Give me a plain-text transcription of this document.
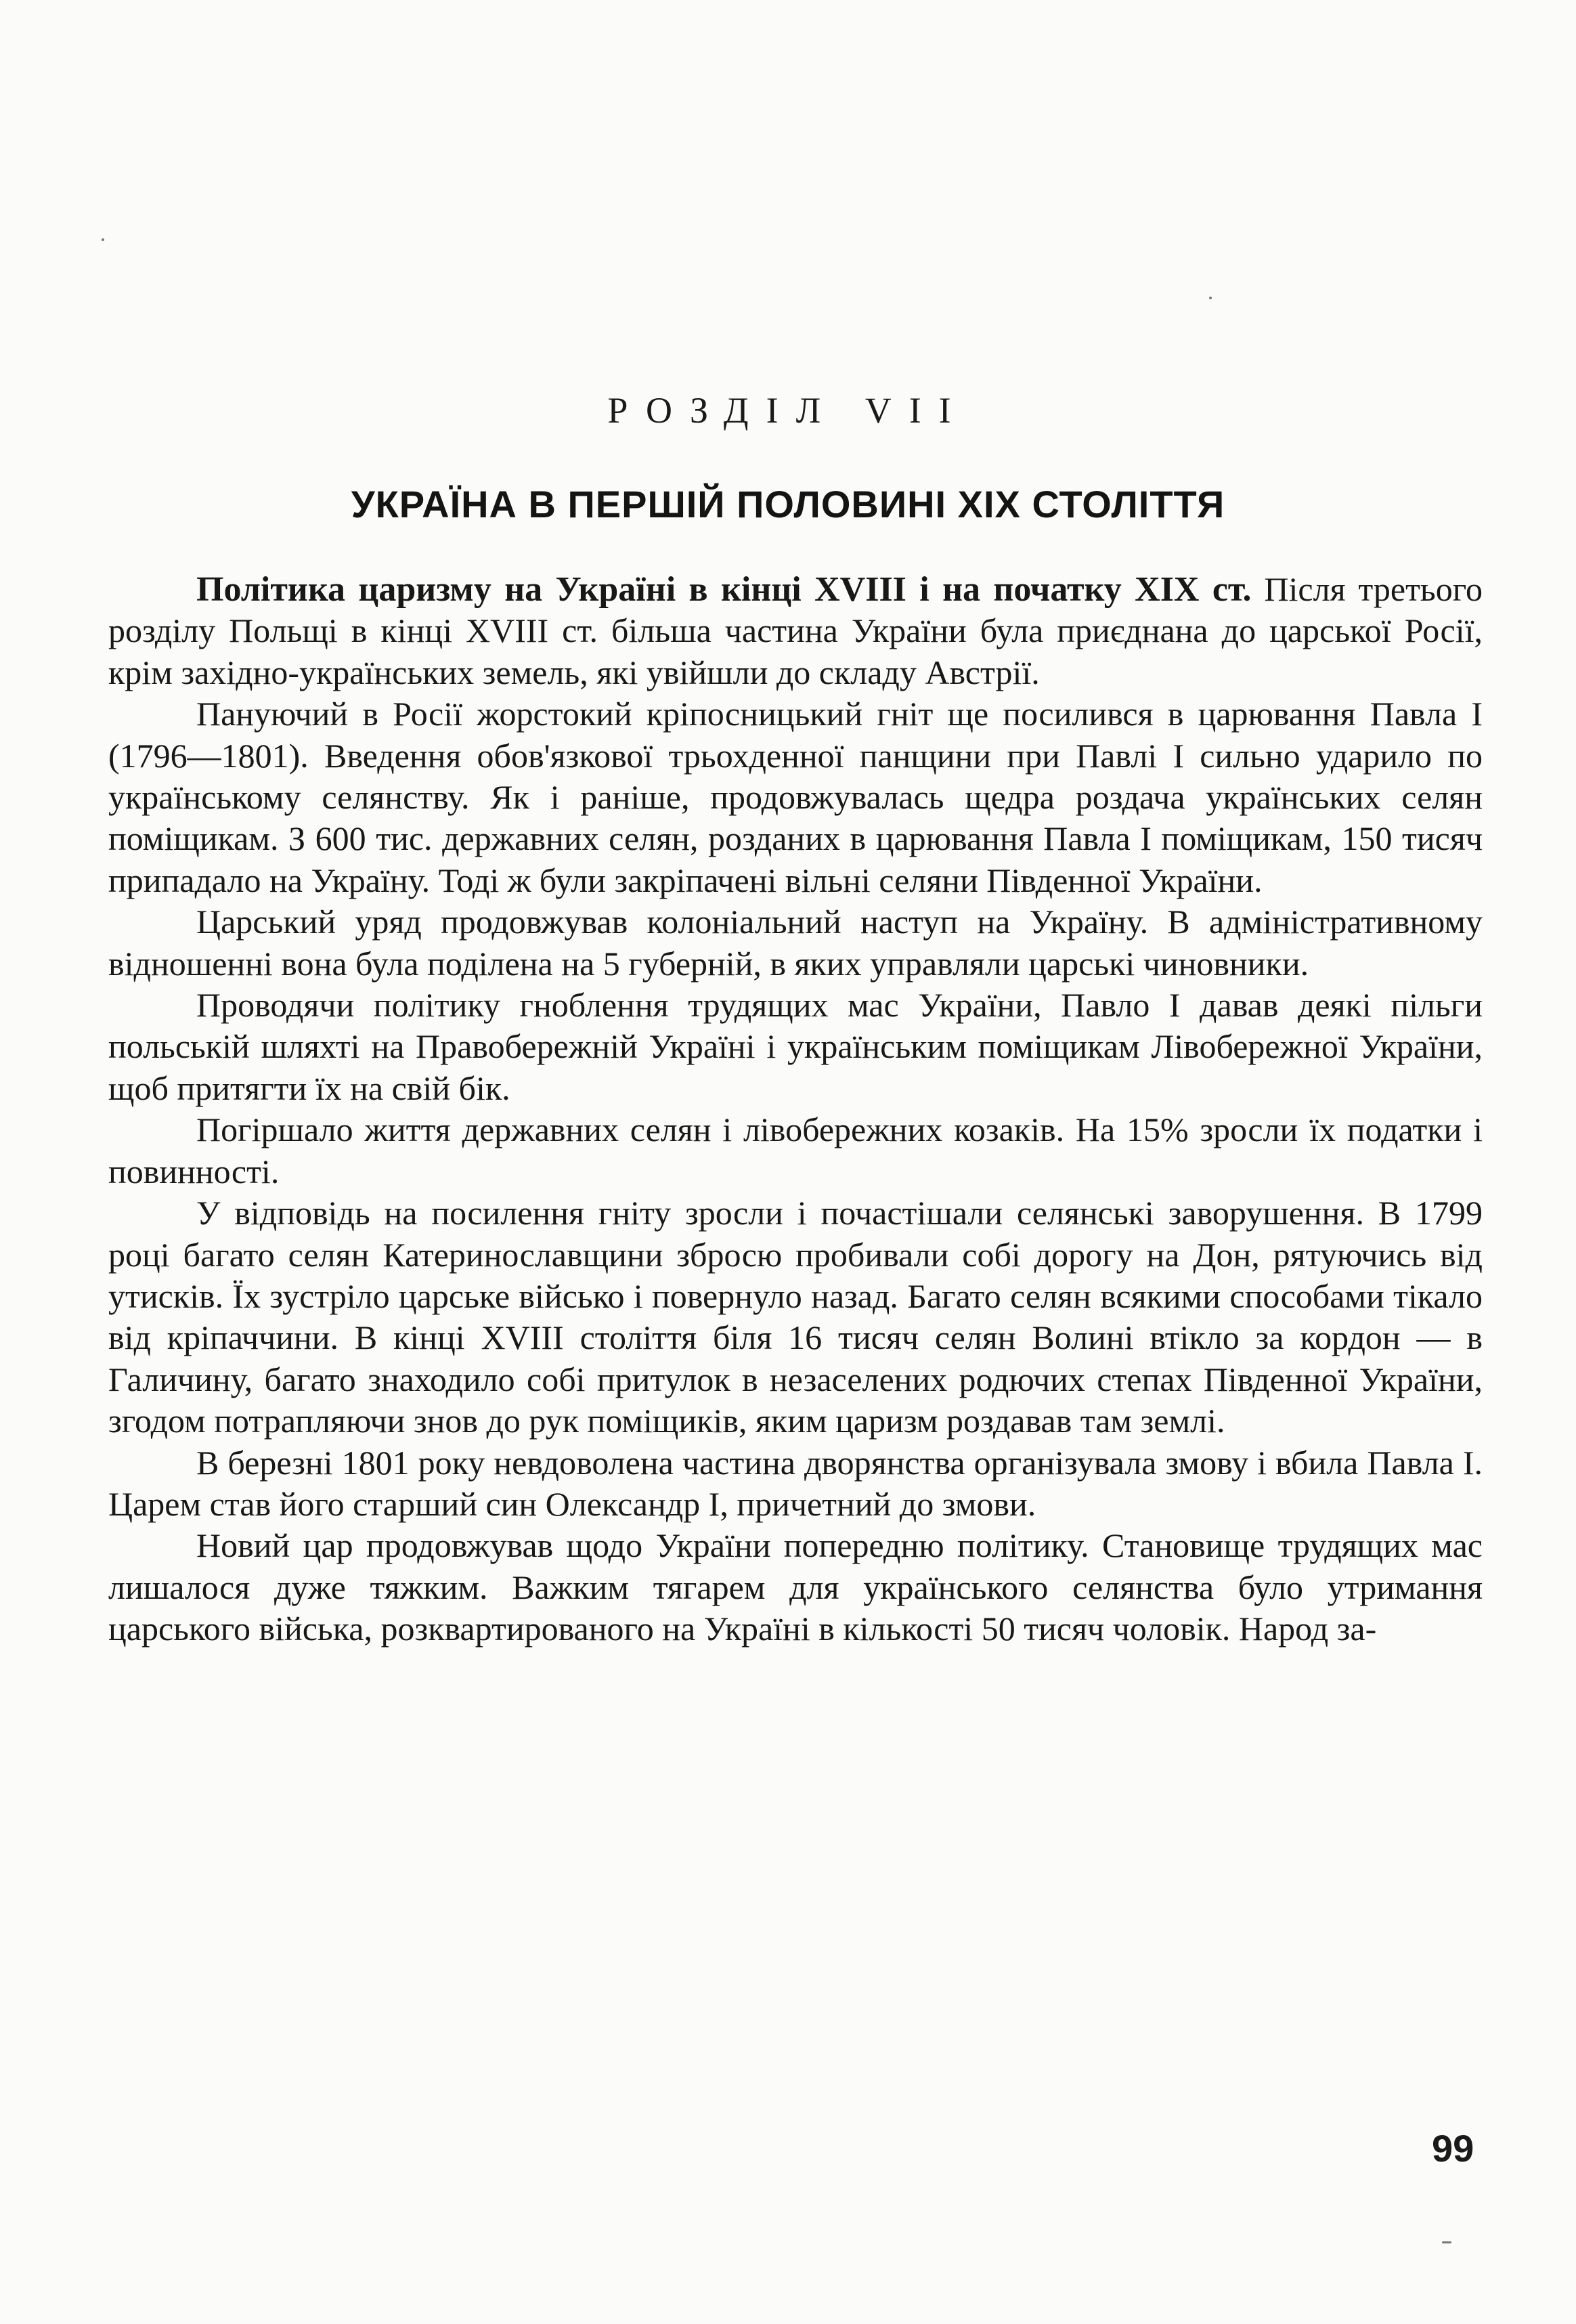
РОЗДІЛ VII
УКРАЇНА В ПЕРШІЙ ПОЛОВИНІ XIX СТОЛІТТЯ

Політика царизму на Україні в кінці XVIII і на початку XIX ст. Після третього розділу Польщі в кінці XVIII ст. більша частина України була приєднана до царської Росії, крім західно-українських земель, які увійшли до складу Австрії.

Пануючий в Росії жорстокий кріпосницький гніт ще посилився в царювання Павла I (1796—1801). Введення обов'язкової трьохденної панщини при Павлі I сильно ударило по українському селянству. Як і раніше, продовжувалась щедра роздача українських селян поміщикам. З 600 тис. державних селян, розданих в царювання Павла I поміщикам, 150 тисяч припадало на Україну. Тоді ж були закріпачені вільні селяни Південної України.

Царський уряд продовжував колоніальний наступ на Україну. В адміністративному відношенні вона була поділена на 5 губерній, в яких управляли царські чиновники.

Проводячи політику гноблення трудящих мас України, Павло I давав деякі пільги польській шляхті на Правобережній Україні і українським поміщикам Лівобережної України, щоб притягти їх на свій бік.

Погіршало життя державних селян і лівобережних козаків. На 15% зросли їх податки і повинності.

У відповідь на посилення гніту зросли і почастішали селянські заворушення. В 1799 році багато селян Катеринославщини збросю пробивали собі дорогу на Дон, рятуючись від утисків. Їх зустріло царське військо і повернуло назад. Багато селян всякими способами тікало від кріпаччини. В кінці XVIII століття біля 16 тисяч селян Волині втікло за кордон — в Галичину, багато знаходило собі притулок в незаселених родючих степах Південної України, згодом потрапляючи знов до рук поміщиків, яким царизм роздавав там землі.

В березні 1801 року невдоволена частина дворянства організувала змову і вбила Павла I. Царем став його старший син Олександр I, причетний до змови.

Новий цар продовжував щодо України попередню політику. Становище трудящих мас лишалося дуже тяжким. Важким тягарем для українського селянства було утримання царського війська, розквартированого на Україні в кількості 50 тисяч чоловік. Народ за-

99
